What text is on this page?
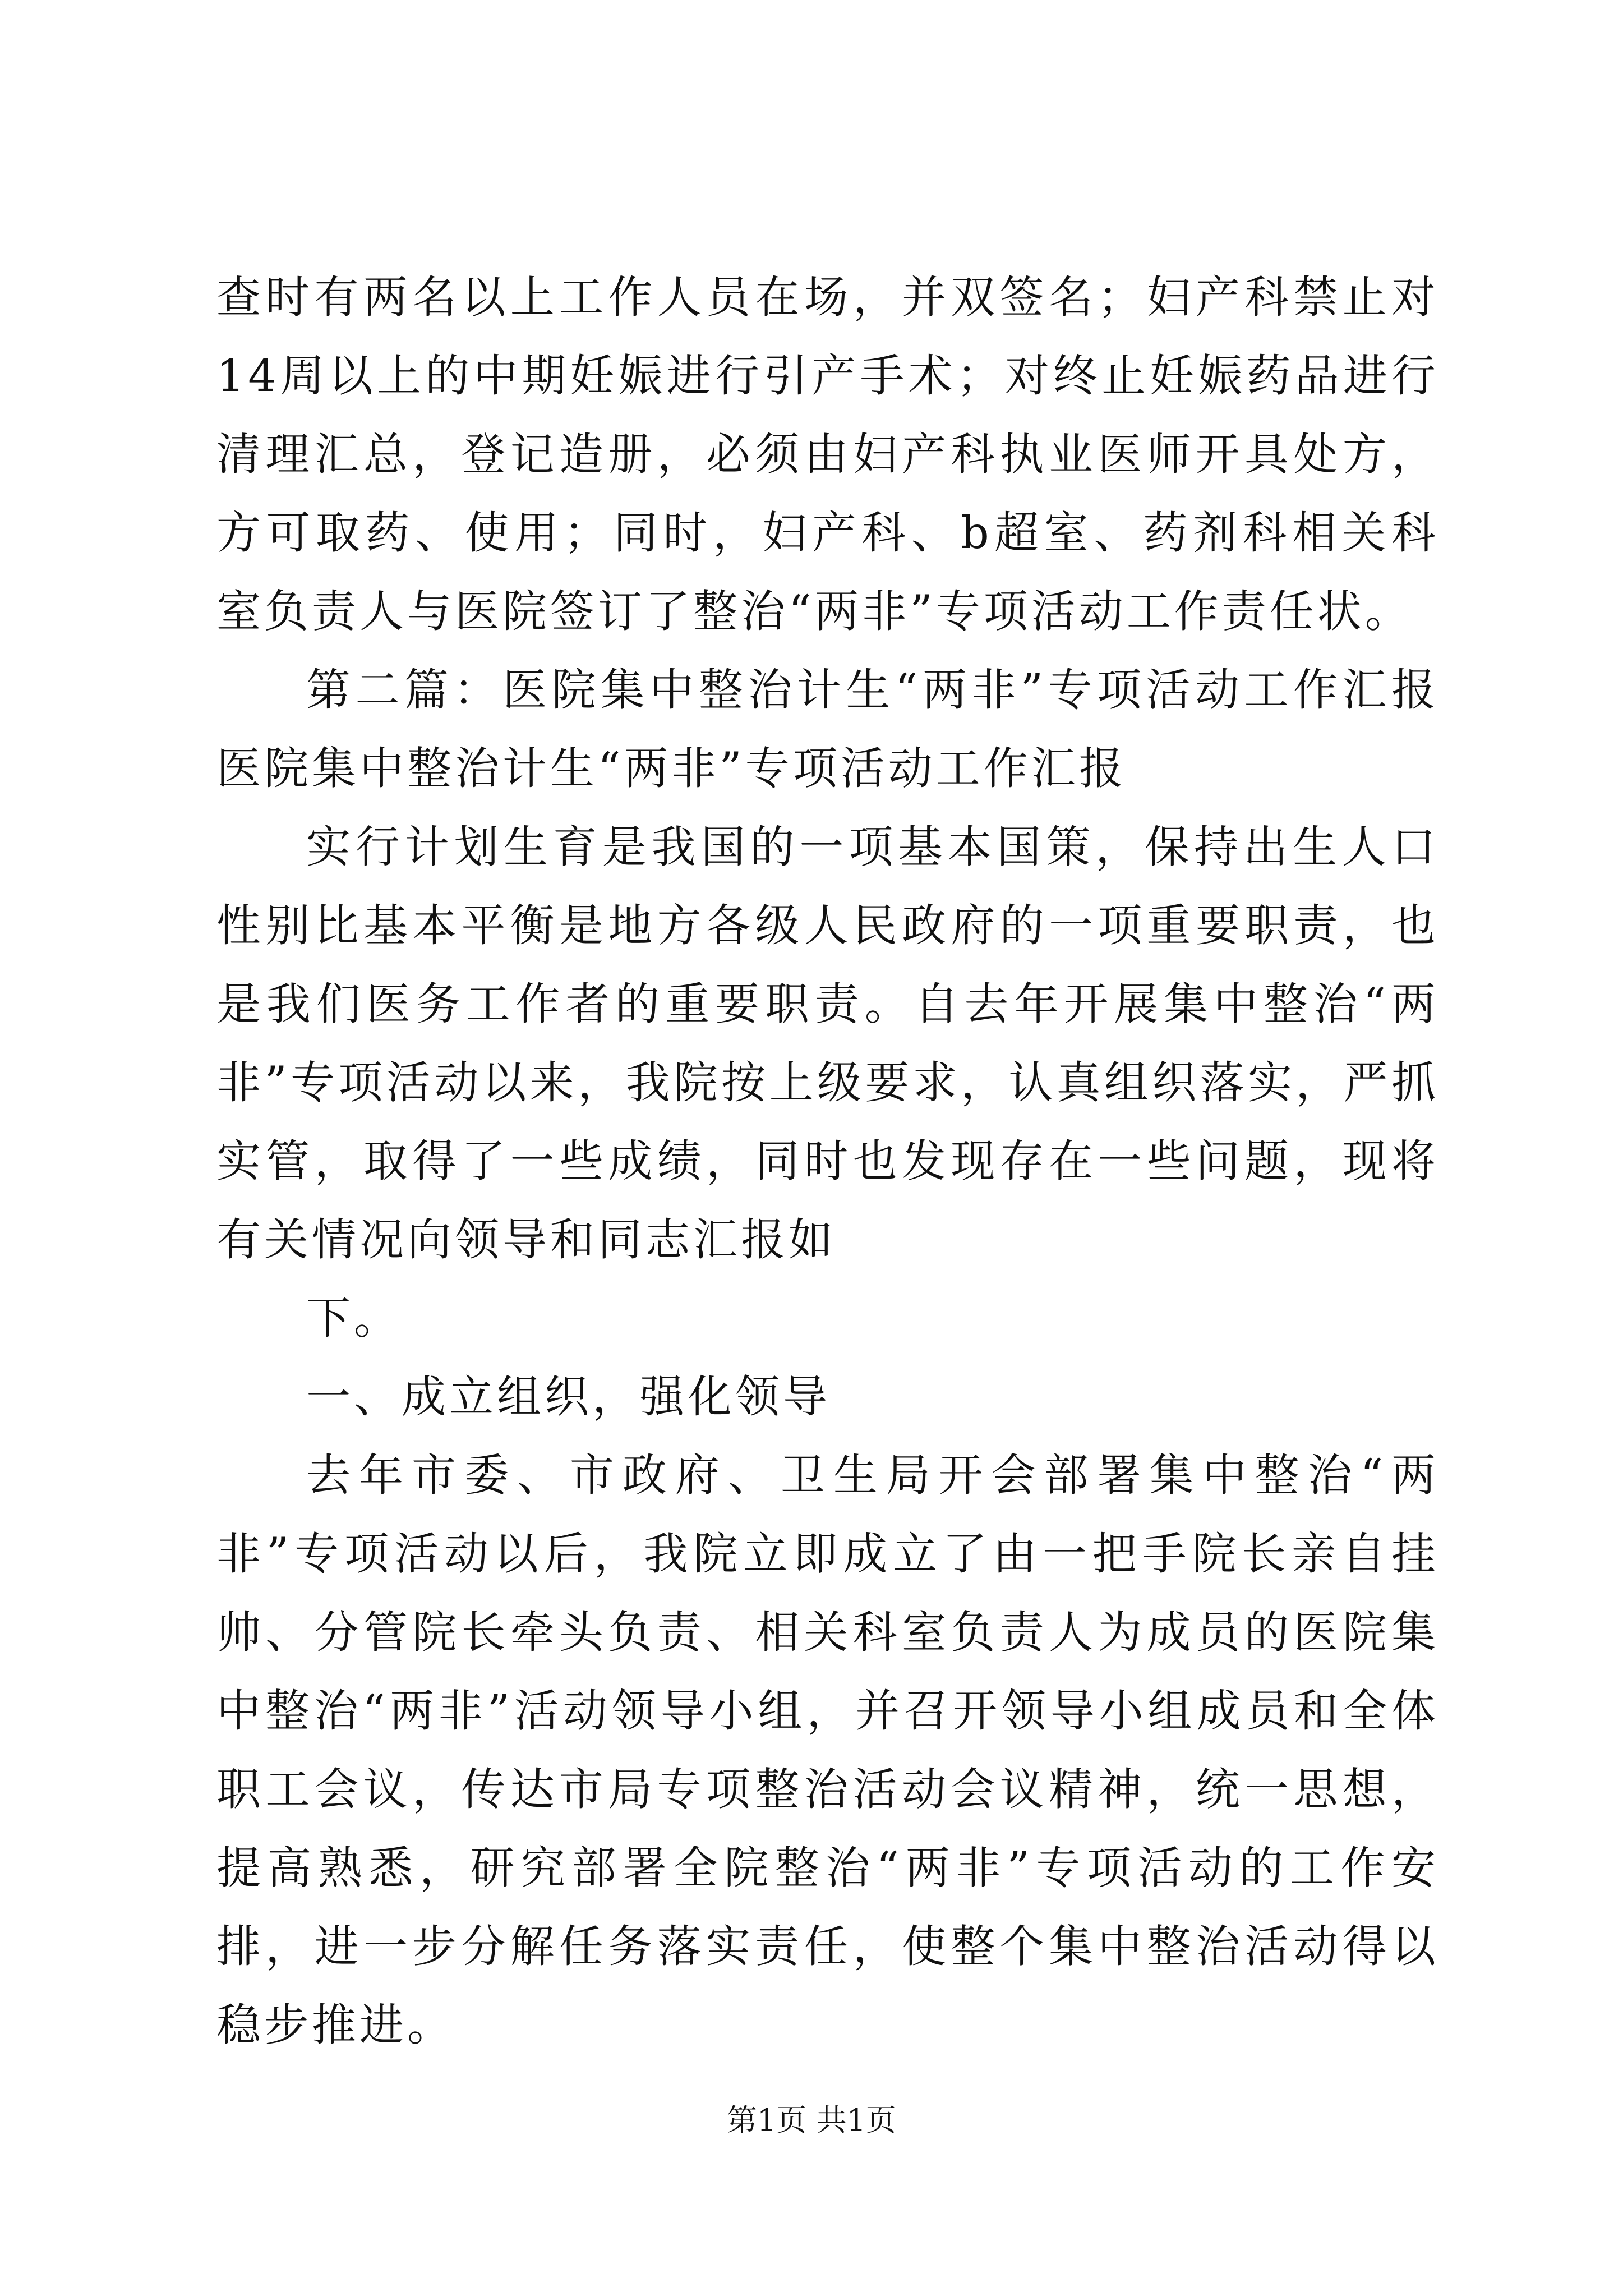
查时有两名以上工作人员在场，并双签名；妇产科禁止对14周以上的中期妊娠进行引产手术；对终止妊娠药品进行清理汇总，登记造册，必须由妇产科执业医师开具处方，方可取药、使用；同时，妇产科、b超室、药剂科相关科室负责人与医院签订了整治“两非”专项活动工作责任状。

第二篇：医院集中整治计生“两非”专项活动工作汇报医院集中整治计生“两非”专项活动工作汇报

实行计划生育是我国的一项基本国策，保持出生人口性别比基本平衡是地方各级人民政府的一项重要职责，也是我们医务工作者的重要职责。自去年开展集中整治“两非”专项活动以来，我院按上级要求，认真组织落实，严抓实管，取得了一些成绩，同时也发现存在一些问题，现将有关情况向领导和同志汇报如

下。

一、成立组织，强化领导

去年市委、市政府、卫生局开会部署集中整治“两非”专项活动以后，我院立即成立了由一把手院长亲自挂帅、分管院长牵头负责、相关科室负责人为成员的医院集中整治“两非”活动领导小组，并召开领导小组成员和全体职工会议，传达市局专项整治活动会议精神，统一思想，提高熟悉，研究部署全院整治“两非”专项活动的工作安排，进一步分解任务落实责任，使整个集中整治活动得以稳步推进。

第1页 共1页
